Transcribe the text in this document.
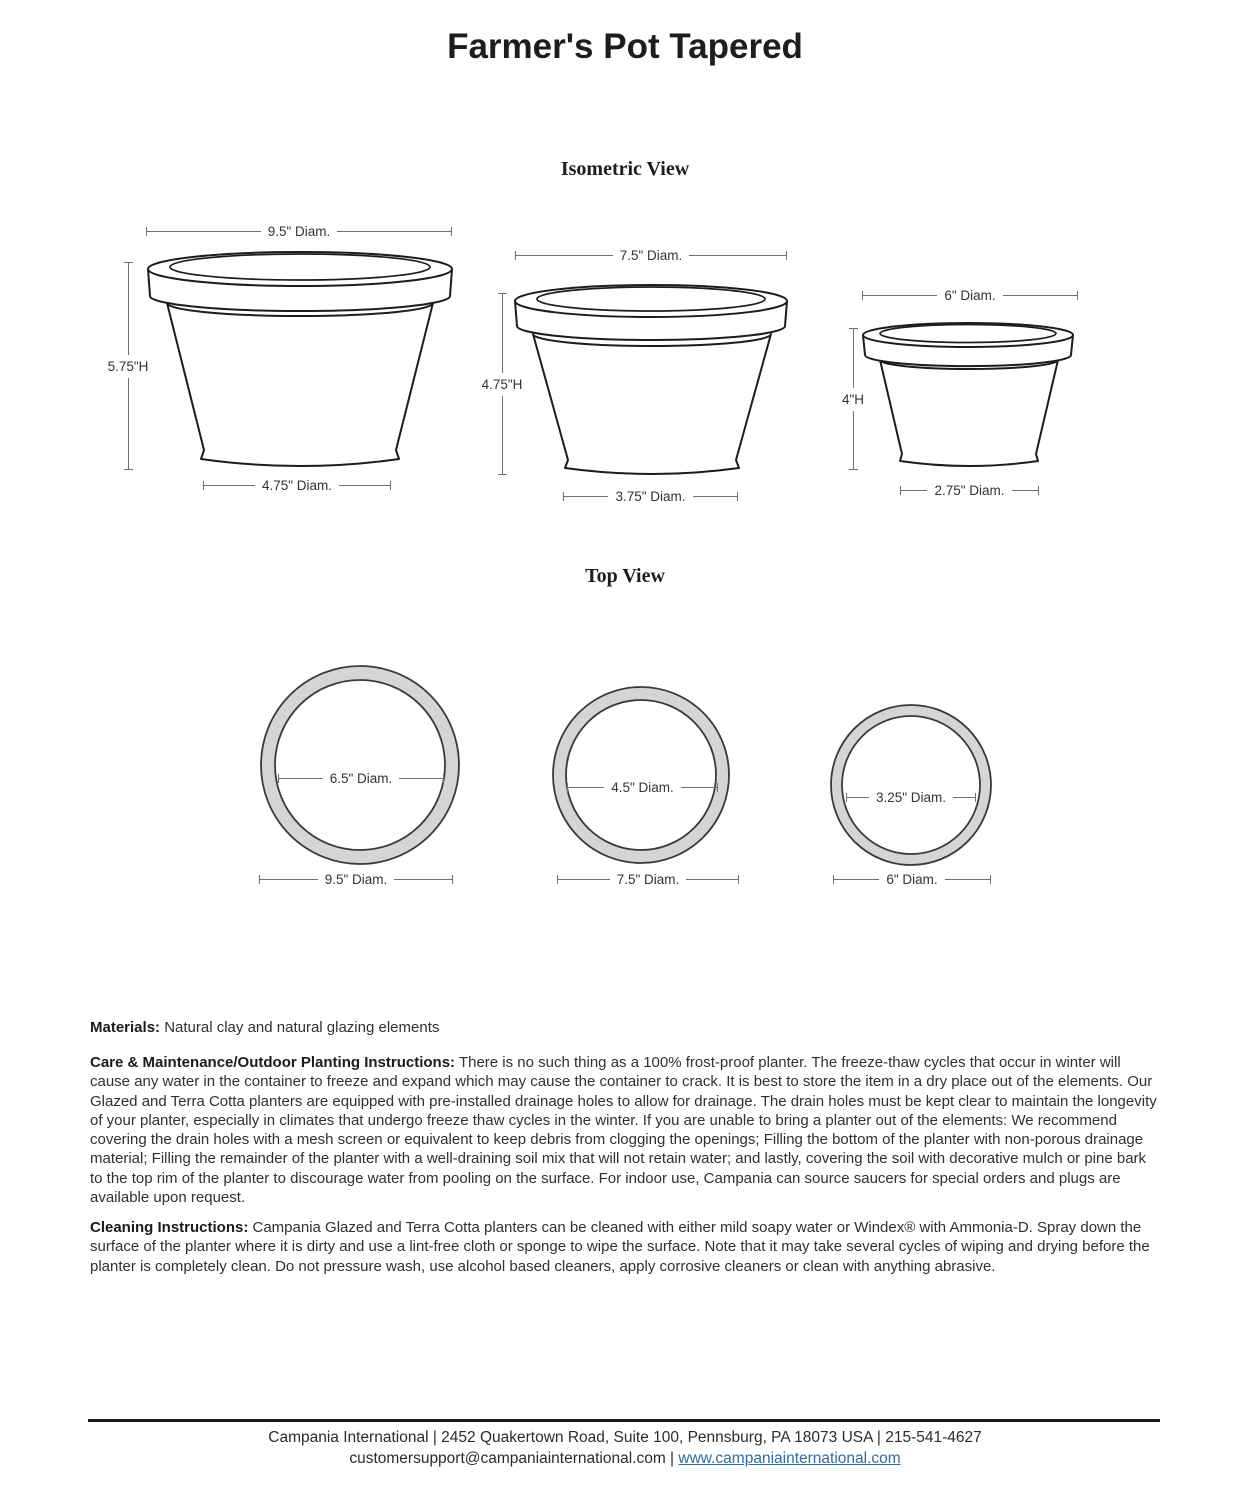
Farmer's Pot Tapered
Isometric View
9.5" Diam.
5.75"H
4.75" Diam.
7.5" Diam.
4.75"H
3.75" Diam.
6" Diam.
4"H
2.75" Diam.
Top View
6.5" Diam.
9.5" Diam.
4.5" Diam.
7.5" Diam.
3.25" Diam.
6" Diam.

Materials: Natural clay and natural glazing elements

Care & Maintenance/Outdoor Planting Instructions: There is no such thing as a 100% frost-proof planter. The freeze-thaw cycles that occur in winter will cause any water in the container to freeze and expand which may cause the container to crack. It is best to store the item in a dry place out of the elements. Our Glazed and Terra Cotta planters are equipped with pre-installed drainage holes to allow for drainage. The drain holes must be kept clear to maintain the longevity of your planter, especially in climates that undergo freeze thaw cycles in the winter. If you are unable to bring a planter out of the elements: We recommend covering the drain holes with a mesh screen or equivalent to keep debris from clogging the openings; Filling the bottom of the planter with non-porous drainage material; Filling the remainder of the planter with a well-draining soil mix that will not retain water; and lastly, covering the soil with decorative mulch or pine bark to the top rim of the planter to discourage water from pooling on the surface. For indoor use, Campania can source saucers for special orders and plugs are available upon request.

Cleaning Instructions: Campania Glazed and Terra Cotta planters can be cleaned with either mild soapy water or Windex® with Ammonia-D. Spray down the surface of the planter where it is dirty and use a lint-free cloth or sponge to wipe the surface. Note that it may take several cycles of wiping and drying before the planter is completely clean. Do not pressure wash, use alcohol based cleaners, apply corrosive cleaners or clean with anything abrasive.

Campania International | 2452 Quakertown Road, Suite 100, Pennsburg, PA 18073 USA | 215-541-4627
customersupport@campaniainternational.com | www.campaniainternational.com
